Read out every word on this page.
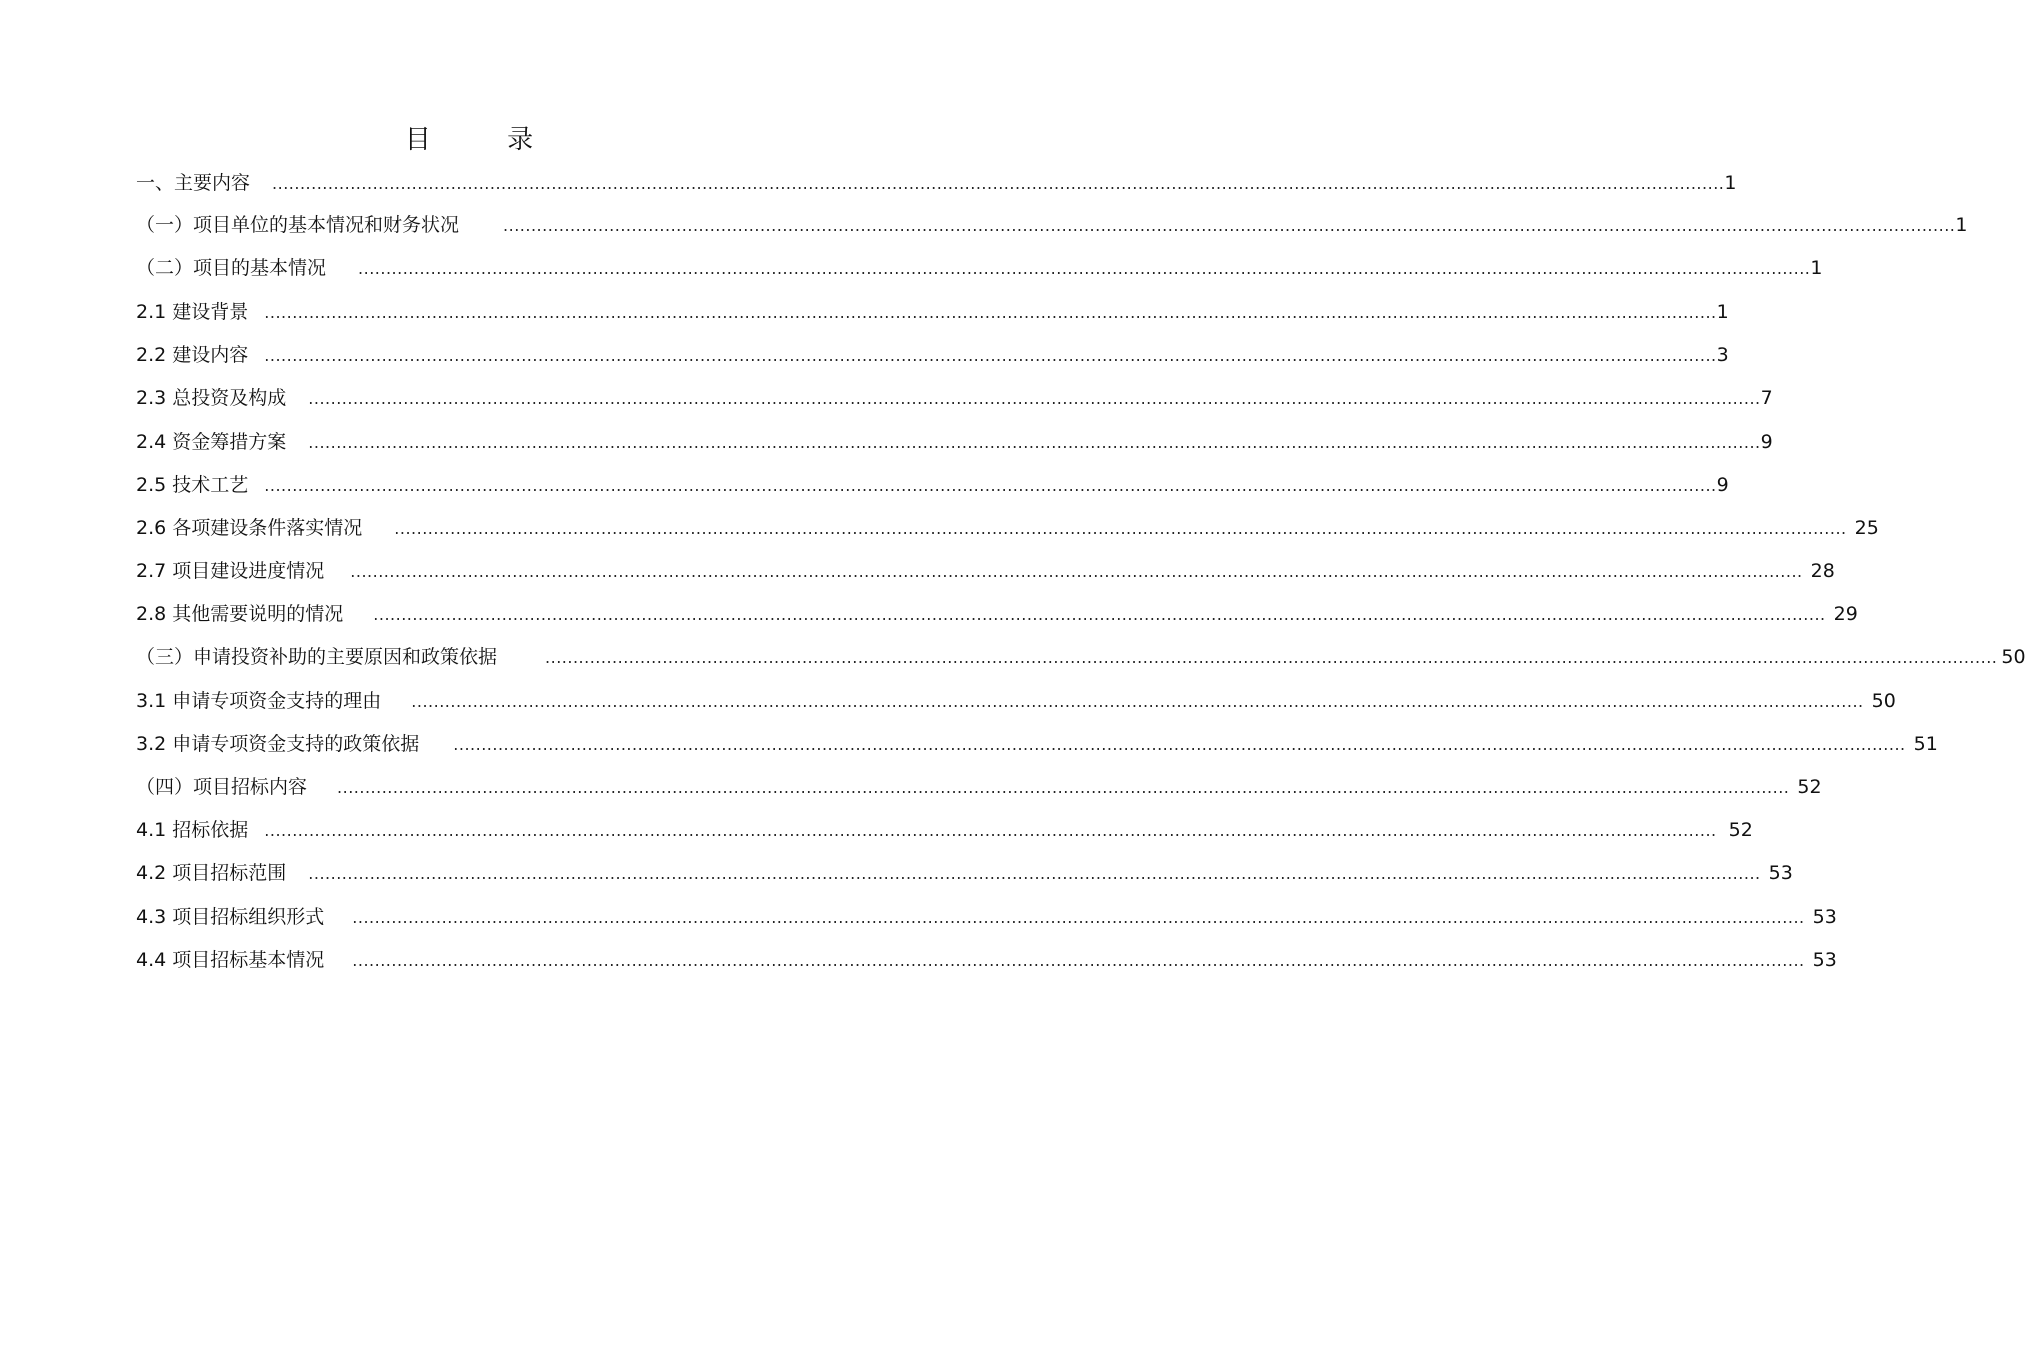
目 录
一、主要内容 .................................................................................................................................................................................................................................................................... 1
（一）项目单位的基本情况和财务状况	.................................................................................................................................................................................................................................................................... 1
（二）项目的基本情况 .................................................................................................................................................................................................................................................................... 1
2.1 建设背景 .................................................................................................................................................................................................................................................................... 1
2.2 建设内容 .................................................................................................................................................................................................................................................................... 3
2.3 总投资及构成 .................................................................................................................................................................................................................................................................... 7
2.4 资金筹措方案 .................................................................................................................................................................................................................................................................... 9
2.5 技术工艺 .................................................................................................................................................................................................................................................................... 9
2.6 各项建设条件落实情况 .................................................................................................................................................................................................................................................................... 25
2.7 项目建设进度情况 .................................................................................................................................................................................................................................................................... 28
2.8 其他需要说明的情况 .................................................................................................................................................................................................................................................................... 29
（三）申请投资补助的主要原因和政策依据	.................................................................................................................................................................................................................................................................... 50
3.1 申请专项资金支持的理由 .................................................................................................................................................................................................................................................................... 50
3.2 申请专项资金支持的政策依据 .................................................................................................................................................................................................................................................................... 51
（四）项目招标内容 .................................................................................................................................................................................................................................................................... 52
4.1 招标依据 .................................................................................................................................................................................................................................................................... 52
4.2 项目招标范围 .................................................................................................................................................................................................................................................................... 53
4.3 项目招标组织形式 .................................................................................................................................................................................................................................................................... 53
4.4 项目招标基本情况 .................................................................................................................................................................................................................................................................... 53
